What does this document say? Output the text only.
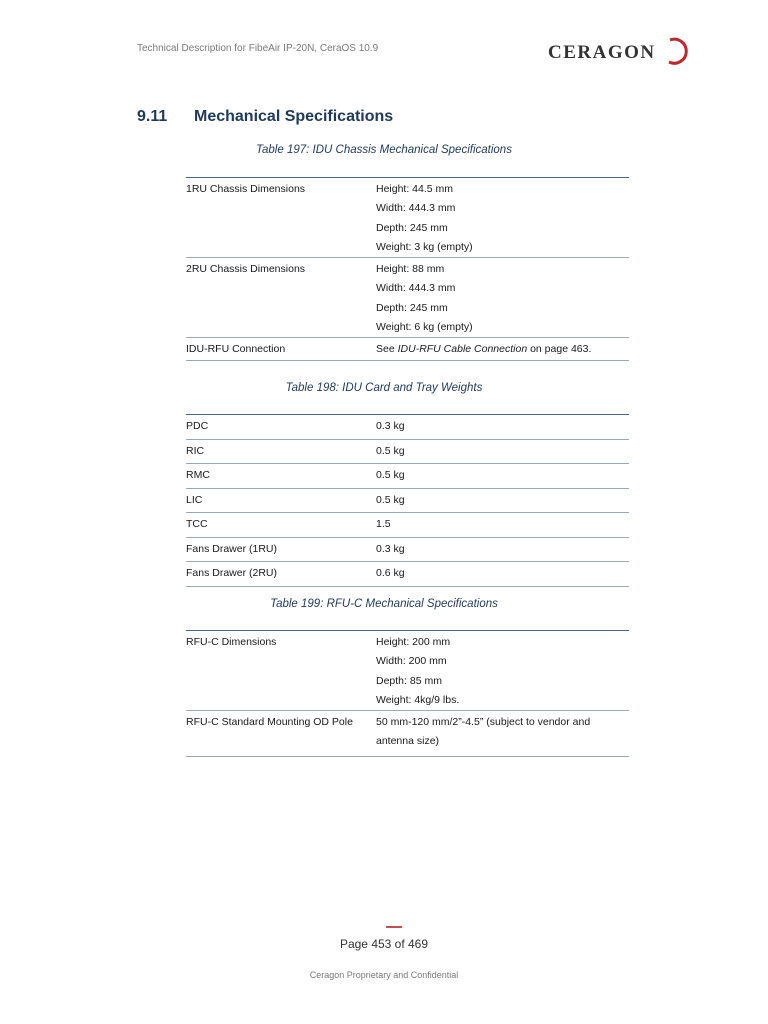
Technical Description for FibeAir IP-20N, CeraOS 10.9	CERAGON
9.11	Mechanical Specifications
Table 197: IDU Chassis Mechanical Specifications
1RU Chassis Dimensions	Height: 44.5 mm
Width: 444.3 mm
Depth: 245 mm
Weight: 3 kg (empty)
2RU Chassis Dimensions	Height: 88 mm
Width: 444.3 mm
Depth: 245 mm
Weight: 6 kg (empty)
IDU-RFU Connection	See IDU-RFU Cable Connection on page 463.
Table 198: IDU Card and Tray Weights
PDC	0.3 kg
RIC	0.5 kg
RMC	0.5 kg
LIC	0.5 kg
TCC	1.5
Fans Drawer (1RU)	0.3 kg
Fans Drawer (2RU)	0.6 kg
Table 199: RFU-C Mechanical Specifications
RFU-C Dimensions	Height: 200 mm
Width: 200 mm
Depth: 85 mm
Weight: 4kg/9 lbs.
RFU-C Standard Mounting OD Pole	50 mm-120 mm/2”-4.5” (subject to vendor and
antenna size)
Page 453 of 469
Ceragon Proprietary and Confidential
